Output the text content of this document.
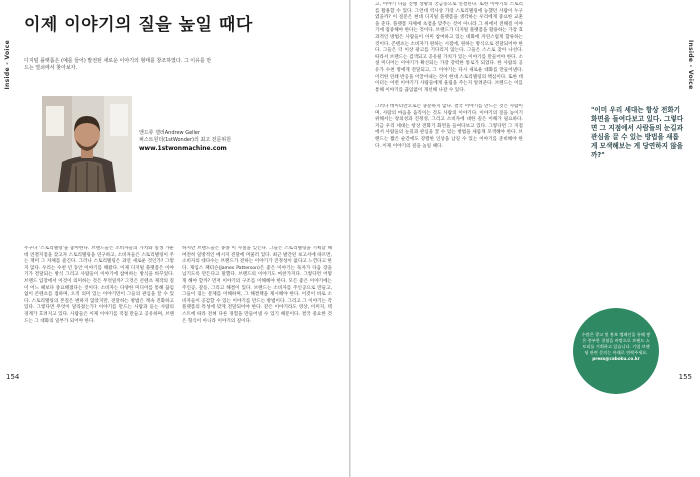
Inside - Voice
이제 이야기의 질을 높일 때다
디지털 플랫폼은 (예를 들어) 발전된 새로운 이야기의 형태를 창조하였다. 그 이유를 만드는 열쇠에서 찾아보자.
앤드류 겔러Andrew Geller
퍼스트원더(1stWonder)의 최고 전문위원
www.1stwonmachine.com

누구나 '스토리텔링'을 좋아한다. 브랜드들은 소비자들의 가치와 일생 가운데 연결지점을 찾고자 스토리텔링을 연구하고, 소비자들은 스토리텔링이 주는 재미 그 자체를 즐긴다. 그러나 스토리텔링은 과연 새로운 것인가? 그렇지 않다. 우리는 수천 년 동안 이야기를 해왔다. 이제 디지털 플랫폼은 이야기가 전달되는 방식 그리고 사람들이 이야기에 참여하는 방식을 바꾸었다. 브랜드 입장에서 이것이 의미하는 것은 무엇일까? 그것은 콘텐츠 제작의 질이 어느 때보다 중요해졌다는 것이다. 소비자는 다양한 미디어를 통해 끊임없이 콘텐츠를 접하며, 오직 의미 있는 이야기만이 그들의 관심을 끌 수 있다. 스토리텔링의 본질은 변하지 않았지만, 전달하는 방법은 계속 진화하고 있다. 그렇다면 무엇이 달라졌는가? 이야기를 만드는 사람과 듣는 사람의 경계가 흐려지고 있다. 사람들은 이제 이야기를 직접 만들고 공유하며, 브랜드는 그 대화의 일부가 되어야 한다.

하지만 브랜드들은 종종 이 사실을 잊는다. 그들은 스토리텔링을 기획할 때 여전히 일방적인 메시지 전달에 머물러 있다. 최근 발간된 보고서에 따르면, 소비자의 대다수는 브랜드가 전하는 이야기가 진정성이 없다고 느낀다고 한다. 제임스 패터슨(James Patterson)은 좋은 이야기는 독자가 다음 장을 넘기도록 만든다고 말했다. 브랜드의 이야기도 마찬가지다. 그렇다면 어떻게 해야 할까? 먼저 이야기의 구조를 이해해야 한다. 모든 좋은 이야기에는 주인공, 갈등, 그리고 해결이 있다. 브랜드는 소비자를 주인공으로 만들고, 그들이 겪는 문제를 이해하며, 그 해결책을 제시해야 한다. 이것이 바로 소비자들이 공감할 수 있는 이야기를 만드는 방법이다. 그리고 그 이야기는 각 플랫폼의 특성에 맞게 전달되어야 한다. 같은 이야기라도 영상, 이미지, 텍스트에 따라 전혀 다른 경험을 만들어낼 수 있기 때문이다. 결국 중요한 것은 형식이 아니라 이야기의 질이다.

154
Inside - Voice

고, 이야기 다음 진행 상황의 궁금증으로 연결된다. 또한 이야기의 스토리를 활용할 수 있다. 그런데 역사상 가장 스토리텔링에 능했던 사람이 누구였을까? 이 질문은 현대 디지털 플랫폼을 생각하는 우리에게 중요한 교훈을 준다. 플랫폼 자체에 초점을 맞추는 것이 아니라 그 위에서 전해질 이야기에 집중해야 한다는 것이다. 브랜드가 디지털 플랫폼을 활용하는 가장 효과적인 방법은 사람들이 이미 참여하고 있는 대화에 자연스럽게 합류하는 것이다. 콘텐츠는 소비자가 원하는 시점에, 원하는 방식으로 전달되어야 한다. 그들은 더 이상 광고를 기다리지 않는다. 그들은 스스로 찾아 나선다. 따라서 브랜드는 검색되고 공유될 가치가 있는 이야기를 만들어야 한다. 소셜 미디어는 이야기가 확산되는 가장 강력한 통로가 되었다. 한 사람의 공유가 수천 명에게 전달되고, 그 이야기는 다시 새로운 대화를 만들어낸다. 이러한 연쇄 반응을 이끌어내는 것이 현대 스토리텔링의 핵심이다. 또한 데이터는 어떤 이야기가 사람들에게 울림을 주는지 알려준다. 브랜드는 이를 통해 이야기를 끊임없이 개선해 나갈 수 있다.

그러나 데이터만으로는 충분하지 않다. 결국 이야기를 만드는 것은 사람이며, 사람의 마음을 움직이는 것도 사람의 이야기다. 이야기의 질을 높이기 위해서는 창의성과 진정성, 그리고 소비자에 대한 깊은 이해가 필요하다. 지금 우리 세대는 항상 전화기 화면을 들여다보고 있다. 그렇다면 그 지점에서 사람들의 눈길과 관심을 끌 수 있는 방법을 새롭게 모색해야 한다. 브랜드는 짧은 순간에도 강렬한 인상을 남길 수 있는 이야기를 준비해야 한다. 이제 이야기의 질을 높일 때다.

"이미 우리 세대는 항상 전화기 화면을 들여다보고 있다. 그렇다면 그 지점에서 사람들의 눈길과 관심을 끌 수 있는 방법을 새롭게 모색해보는 게 당연하지 않을까?"
수많은 광고 및 홍보 캠페인을 통해 쌓은 풍부한 경험을 바탕으로 브랜드 스토리를 기획하고 있습니다. 기업 브랜딩 관련 문의는 아래로 연락주세요.
press@caboku.co.kr
155
